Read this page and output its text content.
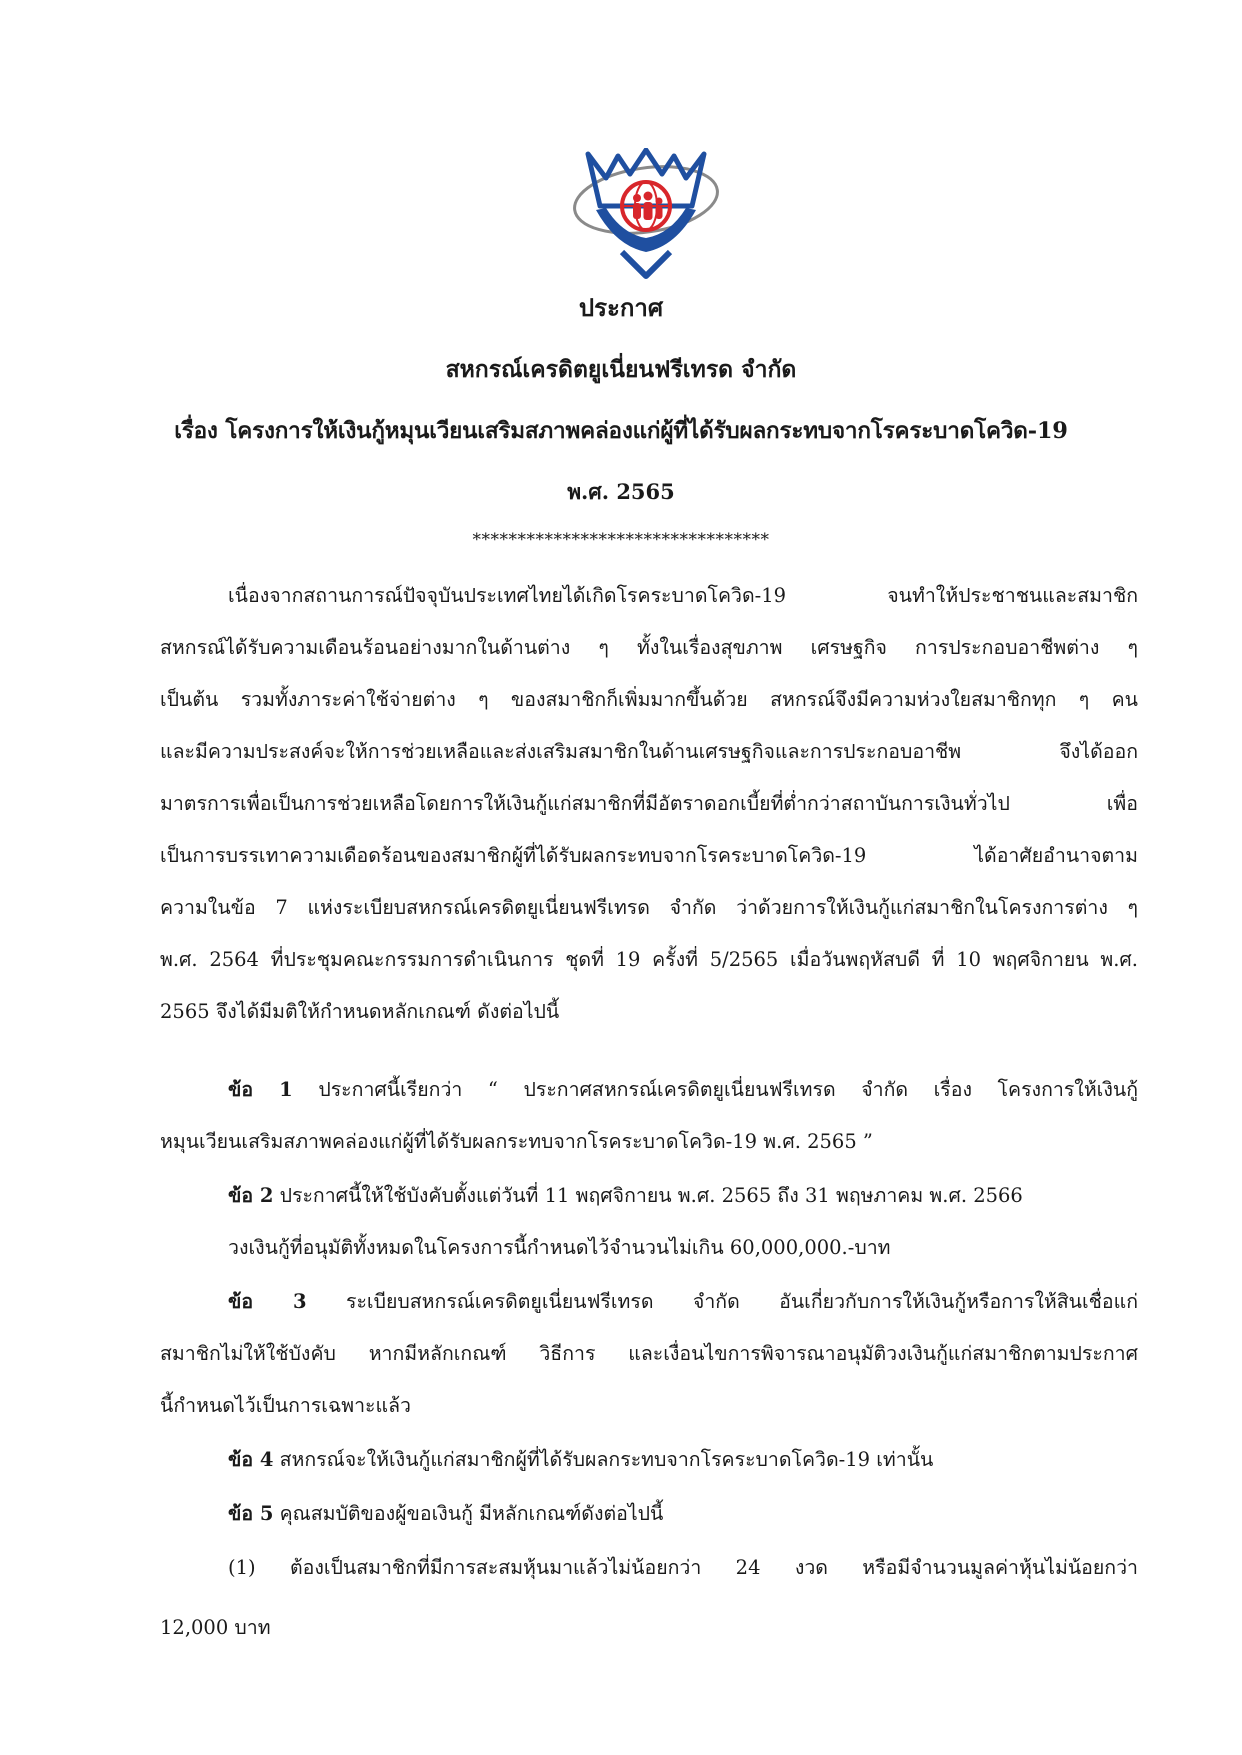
ประกาศ
สหกรณ์เครดิตยูเนี่ยนฟรีเทรด จำกัด
เรื่อง โครงการให้เงินกู้หมุนเวียนเสริมสภาพคล่องแก่ผู้ที่ได้รับผลกระทบจากโรคระบาดโควิด-19
พ.ศ. 2565
*********************************
เนื่องจากสถานการณ์ปัจจุบันประเทศไทยได้เกิดโรคระบาดโควิด-19 จนทำให้ประชาชนและสมาชิก
สหกรณ์ได้รับความเดือนร้อนอย่างมากในด้านต่าง ๆ ทั้งในเรื่องสุขภาพ เศรษฐกิจ การประกอบอาชีพต่าง ๆ
เป็นต้น รวมทั้งภาระค่าใช้จ่ายต่าง ๆ ของสมาชิกก็เพิ่มมากขึ้นด้วย สหกรณ์จึงมีความห่วงใยสมาชิกทุก ๆ คน
และมีความประสงค์จะให้การช่วยเหลือและส่งเสริมสมาชิกในด้านเศรษฐกิจและการประกอบอาชีพ จึงได้ออก
มาตรการเพื่อเป็นการช่วยเหลือโดยการให้เงินกู้แก่สมาชิกที่มีอัตราดอกเบี้ยที่ต่ำกว่าสถาบันการเงินทั่วไป เพื่อ
เป็นการบรรเทาความเดือดร้อนของสมาชิกผู้ที่ได้รับผลกระทบจากโรคระบาดโควิด-19 ได้อาศัยอำนาจตาม
ความในข้อ 7 แห่งระเบียบสหกรณ์เครดิตยูเนี่ยนฟรีเทรด จำกัด ว่าด้วยการให้เงินกู้แก่สมาชิกในโครงการต่าง ๆ
พ.ศ. 2564 ที่ประชุมคณะกรรมการดำเนินการ ชุดที่ 19 ครั้งที่ 5/2565 เมื่อวันพฤหัสบดี ที่ 10 พฤศจิกายน พ.ศ.
2565 จึงได้มีมติให้กำหนดหลักเกณฑ์ ดังต่อไปนี้
ข้อ 1 ประกาศนี้เรียกว่า “ ประกาศสหกรณ์เครดิตยูเนี่ยนฟรีเทรด จำกัด เรื่อง โครงการให้เงินกู้
หมุนเวียนเสริมสภาพคล่องแก่ผู้ที่ได้รับผลกระทบจากโรคระบาดโควิด-19 พ.ศ. 2565 ”
ข้อ 2 ประกาศนี้ให้ใช้บังคับตั้งแต่วันที่ 11 พฤศจิกายน พ.ศ. 2565 ถึง 31 พฤษภาคม พ.ศ. 2566
วงเงินกู้ที่อนุมัติทั้งหมดในโครงการนี้กำหนดไว้จำนวนไม่เกิน 60,000,000.-บาท
ข้อ 3 ระเบียบสหกรณ์เครดิตยูเนี่ยนฟรีเทรด จำกัด อันเกี่ยวกับการให้เงินกู้หรือการให้สินเชื่อแก่
สมาชิกไม่ให้ใช้บังคับ หากมีหลักเกณฑ์ วิธีการ และเงื่อนไขการพิจารณาอนุมัติวงเงินกู้แก่สมาชิกตามประกาศ
นี้กำหนดไว้เป็นการเฉพาะแล้ว
ข้อ 4 สหกรณ์จะให้เงินกู้แก่สมาชิกผู้ที่ได้รับผลกระทบจากโรคระบาดโควิด-19 เท่านั้น
ข้อ 5 คุณสมบัติของผู้ขอเงินกู้ มีหลักเกณฑ์ดังต่อไปนี้
(1) ต้องเป็นสมาชิกที่มีการสะสมหุ้นมาแล้วไม่น้อยกว่า 24 งวด หรือมีจำนวนมูลค่าหุ้นไม่น้อยกว่า
12,000 บาท
